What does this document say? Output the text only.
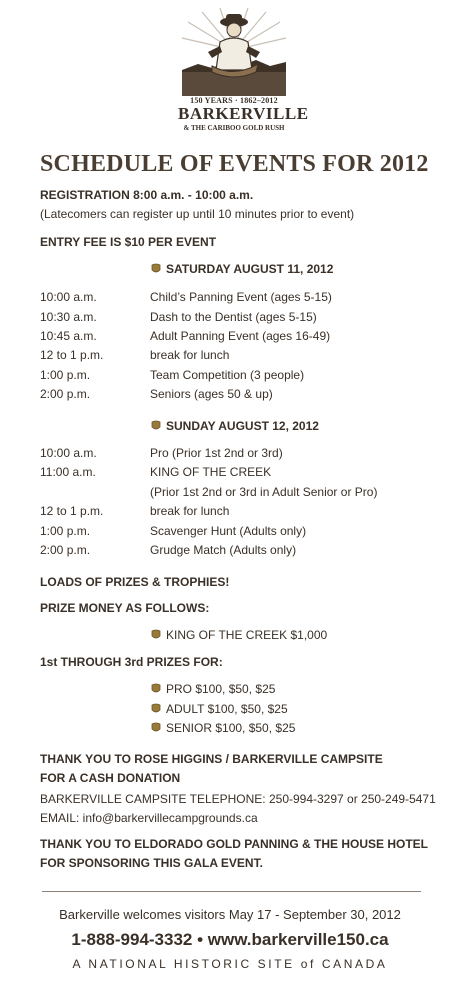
150 YEARS · 1862–2012
BARKERVILLE
& THE CARIBOO GOLD RUSH
SCHEDULE OF EVENTS FOR 2012
REGISTRATION 8:00 a.m. - 10:00 a.m.
(Latecomers can register up until 10 minutes prior to event)
ENTRY FEE IS $10 PER EVENT
SATURDAY AUGUST 11, 2012
10:00 a.m.	Child’s Panning Event (ages 5-15)
10:30 a.m.	Dash to the Dentist (ages 5-15)
10:45 a.m.	Adult Panning Event (ages 16-49)
12 to 1 p.m.	break for lunch
1:00 p.m.	Team Competition (3 people)
2:00 p.m.	Seniors (ages 50 & up)
SUNDAY AUGUST 12, 2012
10:00 a.m.	Pro (Prior 1st 2nd or 3rd)
11:00 a.m.	KING OF THE CREEK
(Prior 1st 2nd or 3rd in Adult Senior or Pro)
12 to 1 p.m.	break for lunch
1:00 p.m.	Scavenger Hunt (Adults only)
2:00 p.m.	Grudge Match (Adults only)
LOADS OF PRIZES & TROPHIES!
PRIZE MONEY AS FOLLOWS:
KING OF THE CREEK $1,000
1st THROUGH 3rd PRIZES FOR:
PRO $100, $50, $25
ADULT $100, $50, $25
SENIOR $100, $50, $25
THANK YOU TO ROSE HIGGINS / BARKERVILLE CAMPSITE
FOR A CASH DONATION
BARKERVILLE CAMPSITE TELEPHONE: 250-994-3297 or 250-249-5471
EMAIL: info@barkervillecampgrounds.ca
THANK YOU TO ELDORADO GOLD PANNING & THE HOUSE HOTEL
FOR SPONSORING THIS GALA EVENT.
Barkerville welcomes visitors May 17 - September 30, 2012
1-888-994-3332 • www.barkerville150.ca
A NATIONAL HISTORIC SITE of CANADA
